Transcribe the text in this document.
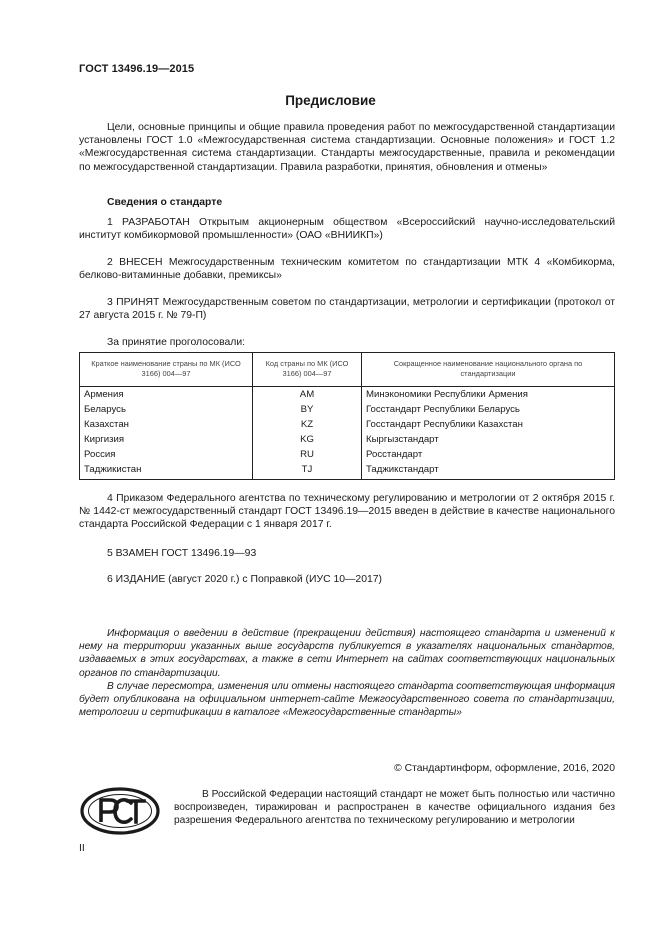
ГОСТ 13496.19—2015
Предисловие
Цели, основные принципы и общие правила проведения работ по межгосударственной стандартизации установлены ГОСТ 1.0 «Межгосударственная система стандартизации. Основные положения» и ГОСТ 1.2 «Межгосударственная система стандартизации. Стандарты межгосударственные, правила и рекомендации по межгосударственной стандартизации. Правила разработки, принятия, обновления и отмены»
Сведения о стандарте
1 РАЗРАБОТАН Открытым акционерным обществом «Всероссийский научно-исследовательский институт комбикормовой промышленности» (ОАО «ВНИИКП»)
2 ВНЕСЕН Межгосударственным техническим комитетом по стандартизации МТК 4 «Комбикорма, белково-витаминные добавки, премиксы»
3 ПРИНЯТ Межгосударственным советом по стандартизации, метрологии и сертификации (протокол от 27 августа 2015 г. № 79-П)
За принятие проголосовали:
Краткое наименование страны по МК (ИСО 3166) 004—97	Код страны по МК (ИСО 3166) 004—97	Сокращенное наименование национального органа по стандартизации
Армения	AM	Минэкономики Республики Армения
Беларусь	BY	Госстандарт Республики Беларусь
Казахстан	KZ	Госстандарт Республики Казахстан
Киргизия	KG	Кыргызстандарт
Россия	RU	Росстандарт
Таджикистан	TJ	Таджикстандарт
4 Приказом Федерального агентства по техническому регулированию и метрологии от 2 октября 2015 г. № 1442-ст межгосударственный стандарт ГОСТ 13496.19—2015 введен в действие в качестве национального стандарта Российской Федерации с 1 января 2017 г.
5 ВЗАМЕН ГОСТ 13496.19—93
6 ИЗДАНИЕ (август 2020 г.) с Поправкой (ИУС 10—2017)

Информация о введении в действие (прекращении действия) настоящего стандарта и изменений к нему на территории указанных выше государств публикуется в указателях национальных стандартов, издаваемых в этих государствах, а также в сети Интернет на сайтах соответствующих национальных органов по стандартизации.

В случае пересмотра, изменения или отмены настоящего стандарта соответствующая информация будет опубликована на официальном интернет-сайте Межгосударственного совета по стандартизации, метрологии и сертификации в каталоге «Межгосударственные стандарты»

© Стандартинформ, оформление, 2016, 2020
В Российской Федерации настоящий стандарт не может быть полностью или частично воспроизведен, тиражирован и распространен в качестве официального издания без разрешения Федерального агентства по техническому регулированию и метрологии
II
